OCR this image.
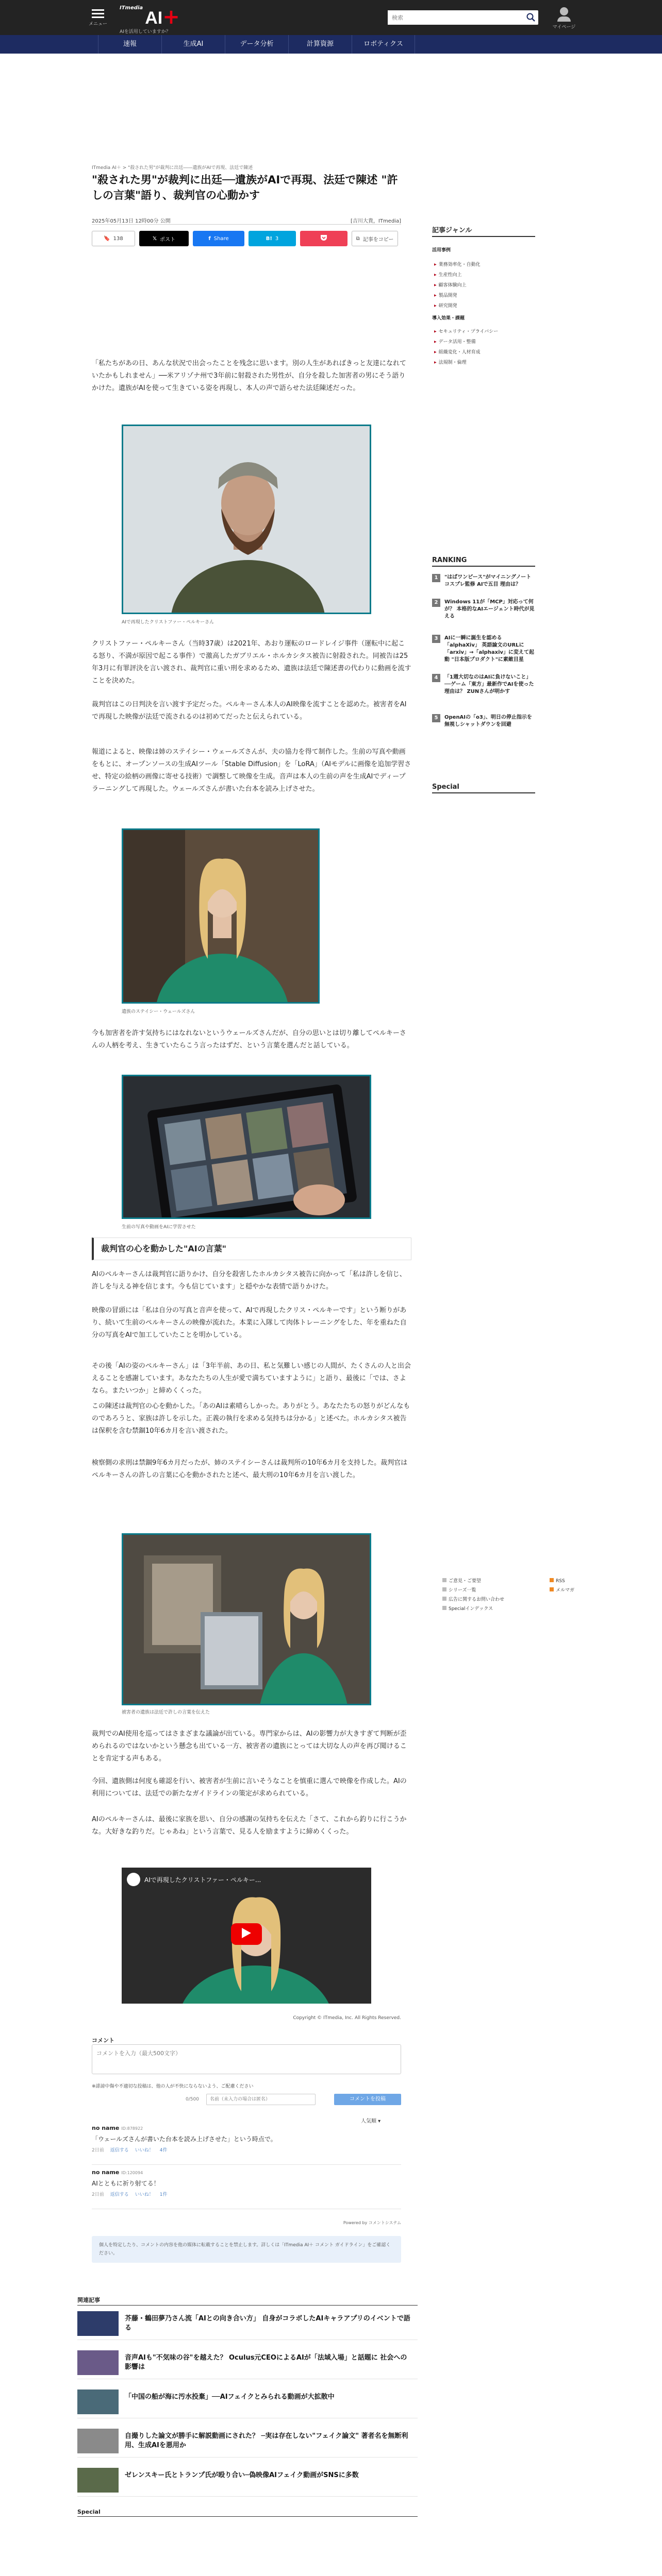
メニュー
$^{ITmedia}$ AI+
AIを活用していますか？
検索
マイページ
速報	生成AI	データ分析	計算資源	ロボティクス
ITmedia AI＋ > "殺された男"が裁判に出廷――遺族がAIで再現、法廷で陳述
"殺された男"が裁判に出廷──遺族がAIで再現、法廷で陳述 "許しの言葉"語り、裁判官の心動かす
2025年05月13日 12時00分 公開	[吉川大貴，ITmedia]
🔖 138	𝕏 ポスト	f Share	B! 3	⧉ 記事をコピー

「私たちがあの日、あんな状況で出会ったことを残念に思います。別の人生があればきっと友達になれていたかもしれません」──米アリゾナ州で3年前に射殺された男性が、自分を殺した加害者の男にそう語りかけた。遺族がAIを使って生きている姿を再現し、本人の声で語らせた法廷陳述だった。

AIで再現したクリストファー・ペルキーさん

クリストファー・ペルキーさん（当時37歳）は2021年、あおり運転のロードレイジ事件（運転中に起こる怒り、不満が原因で起こる事件）で激高したガブリエル・ホルカシタス被告に射殺された。同被告は25年3月に有罪評決を言い渡され、裁判官に重い刑を求めるため、遺族は法廷で陳述書の代わりに動画を流すことを決めた。

裁判官はこの日判決を言い渡す予定だった。ペルキーさん本人のAI映像を流すことを認めた。被害者をAIで再現した映像が法廷で流されるのは初めてだったと伝えられている。

報道によると、映像は姉のステイシー・ウェールズさんが、夫の協力を得て制作した。生前の写真や動画をもとに、オープンソースの生成AIツール「Stable Diffusion」を「LoRA」（AIモデルに画像を追加学習させ、特定の絵柄の画像に寄せる技術）で調整して映像を生成。音声は本人の生前の声を生成AIでディープラーニングして再現した。ウェールズさんが書いた台本を読み上げさせた。

遺族のステイシー・ウェールズさん

今も加害者を許す気持ちにはなれないというウェールズさんだが、自分の思いとは切り離してペルキーさんの人柄を考え、生きていたらこう言ったはずだ、という言葉を選んだと話している。

生前の写真や動画をAIに学習させた
裁判官の心を動かした"AIの言葉"

AIのペルキーさんは裁判官に語りかけ、自分を殺害したホルカシタス被告に向かって「私は許しを信じ、許しを与える神を信じます。今も信じています」と穏やかな表情で語りかけた。

映像の冒頭には「私は自分の写真と音声を使って、AIで再現したクリス・ペルキーです」という断りがあり、続いて生前のペルキーさんの映像が流れた。本業に入隊して肉体トレーニングをした、年を重ねた自分の写真をAIで加工していたことを明かしている。

その後「AIの姿のペルキーさん」は「3年半前、あの日、私と気難しい感じの人間が、たくさんの人と出会えることを感謝しています。あなたたちの人生が愛で満ちていますように」と語り、最後に「では、さよなら。またいつか」と締めくくった。

この陳述は裁判官の心を動かした。「あのAIは素晴らしかった。ありがとう。あなたたちの怒りがどんなものであろうと、家族は許しを示した。正義の執行を求める気持ちは分かる」と述べた。ホルカシタス被告は保釈を含む禁錮10年6カ月を言い渡された。

検察側の求刑は禁錮9年6カ月だったが、姉のステイシーさんは裁判所の10年6カ月を支持した。裁判官はペルキーさんの許しの言葉に心を動かされたと述べ、最大刑の10年6カ月を言い渡した。

被害者の遺族は法廷で許しの言葉を伝えた

裁判でのAI使用を巡ってはさまざまな議論が出ている。専門家からは、AIの影響力が大きすぎて判断が歪められるのではないかという懸念も出ている一方、被害者の遺族にとっては大切な人の声を再び聞けることを肯定する声もある。

今回、遺族側は何度も確認を行い、被害者が生前に言いそうなことを慎重に選んで映像を作成した。AIの利用については、法廷での新たなガイドラインの策定が求められている。

AIのペルキーさんは、最後に家族を思い、自分の感謝の気持ちを伝えた「さて、これから釣りに行こうかな。大好きな釣りだ。じゃあね」という言葉で、見る人を励ますように締めくくった。

AIで再現したクリストファー・ペルキー...
Copyright © ITmedia, Inc. All Rights Reserved.
コメント
コメントを入力（最大500文字）
※誹謗中傷や不適切な投稿は、他の人が不快にならないよう、ご配慮ください
0/500
名前（未入力の場合は匿名）	コメントを投稿
人気順 ▾
no name ID:878922
「ウェールズさんが書いた台本を読み上げさせた」という時点で。
2日前 返信する いいね！ 4件
no name ID:120094
AIとともに祈り射てる！
2日前 返信する いいね！ 1件
Powered by コメントシステム
個人を特定したり、コメントの内容を他の媒体に転載することを禁止します。詳しくは「ITmedia AI＋ コメント ガイドライン」をご確認ください。
関連記事
芥藤・鶴田夢乃さん流「AIとの向き合い方」 自身がコラボしたAIキャラアプリのイベントで語る
音声AIも"不気味の谷"を越えた？ Oculus元CEOによるAIが「法域入場」と話題に 社会への影響は
「中国の船が海に汚水投棄」──AIフェイクとみられる動画が大拡散中
自撮りした論文が勝手に解説動画にされた？ ─実は存在しない"フェイク論文" 著者名を無断利用、生成AIを悪用か
ゼレンスキー氏とトランプ氏が殴り合い─偽映像AIフェイク動画がSNSに多数
Special
記事ジャンル
活用事例
▶ 業務効率化・自動化
▶ 生産性向上
▶ 顧客体験向上
▶ 製品開発
▶ 研究開発
導入効果・課題
▶ セキュリティ・プライバシー
▶ データ活用・整備
▶ 組織変化・人材育成
▶ 法規制・倫理
RANKING
1	"はばワンピース"がマイニングノートコスプレ監修 AIで五目 理由は？
2	Windows 11が「MCP」対応って何が？ 本格的なAIエージェント時代が見える
3	AIに一瞬に誕生を認める「alphaXiv」 英語論文のURLに「arxiv」→「alphaxiv」に変えて起動 "日本版プロダクト"に素敵目星
4	「1週大切なのはAIに負けないこと」──ゲーム「東方」最新作でAIを使った理由は？ ZUNさんが明かす
5	OpenAIの「o3」、明日の停止指示を無視しシャットダウンを回避
Special
ご意見・ご要望
シリーズ一覧
広告に関するお問い合わせ
Specialインデックス
RSS
メルマガ
